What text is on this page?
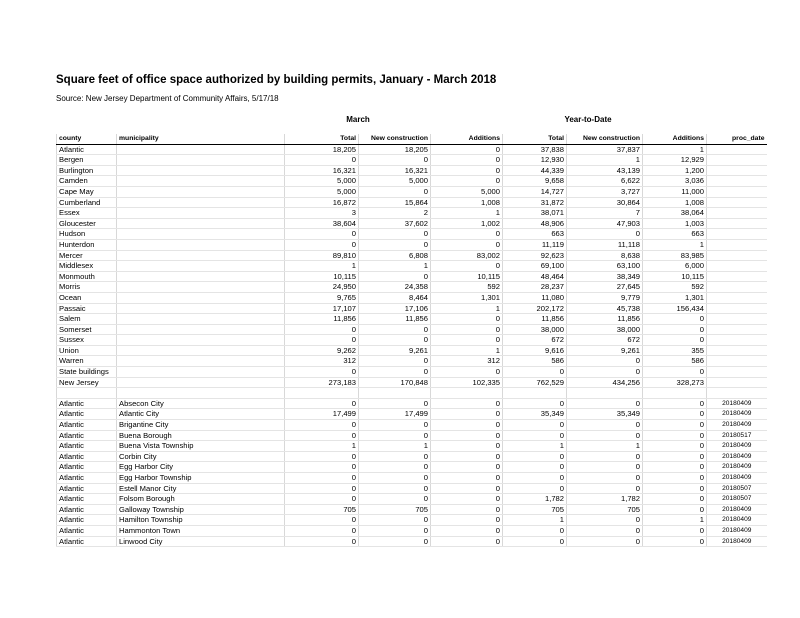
Square feet of office space authorized by building permits, January - March 2018
Source: New Jersey Department of Community Affairs, 5/17/18
March	Year-to-Date
county	municipality	Total	New construction	Additions	Total	New construction	Additions	proc_date
Atlantic		18,205	18,205	0	37,838	37,837	1	
Bergen		0	0	0	12,930	1	12,929	
Burlington		16,321	16,321	0	44,339	43,139	1,200	
Camden		5,000	5,000	0	9,658	6,622	3,036	
Cape May		5,000	0	5,000	14,727	3,727	11,000	
Cumberland		16,872	15,864	1,008	31,872	30,864	1,008	
Essex		3	2	1	38,071	7	38,064	
Gloucester		38,604	37,602	1,002	48,906	47,903	1,003	
Hudson		0	0	0	663	0	663	
Hunterdon		0	0	0	11,119	11,118	1	
Mercer		89,810	6,808	83,002	92,623	8,638	83,985	
Middlesex		1	1	0	69,100	63,100	6,000	
Monmouth		10,115	0	10,115	48,464	38,349	10,115	
Morris		24,950	24,358	592	28,237	27,645	592	
Ocean		9,765	8,464	1,301	11,080	9,779	1,301	
Passaic		17,107	17,106	1	202,172	45,738	156,434	
Salem		11,856	11,856	0	11,856	11,856	0	
Somerset		0	0	0	38,000	38,000	0	
Sussex		0	0	0	672	672	0	
Union		9,262	9,261	1	9,616	9,261	355	
Warren		312	0	312	586	0	586	
State buildings		0	0	0	0	0	0	
New Jersey		273,183	170,848	102,335	762,529	434,256	328,273	

Atlantic	Absecon City	0	0	0	0	0	0	20180409
Atlantic	Atlantic City	17,499	17,499	0	35,349	35,349	0	20180409
Atlantic	Brigantine City	0	0	0	0	0	0	20180409
Atlantic	Buena Borough	0	0	0	0	0	0	20180517
Atlantic	Buena Vista Township	1	1	0	1	1	0	20180409
Atlantic	Corbin City	0	0	0	0	0	0	20180409
Atlantic	Egg Harbor City	0	0	0	0	0	0	20180409
Atlantic	Egg Harbor Township	0	0	0	0	0	0	20180409
Atlantic	Estell Manor City	0	0	0	0	0	0	20180507
Atlantic	Folsom Borough	0	0	0	1,782	1,782	0	20180507
Atlantic	Galloway Township	705	705	0	705	705	0	20180409
Atlantic	Hamilton Township	0	0	0	1	0	1	20180409
Atlantic	Hammonton Town	0	0	0	0	0	0	20180409
Atlantic	Linwood City	0	0	0	0	0	0	20180409
